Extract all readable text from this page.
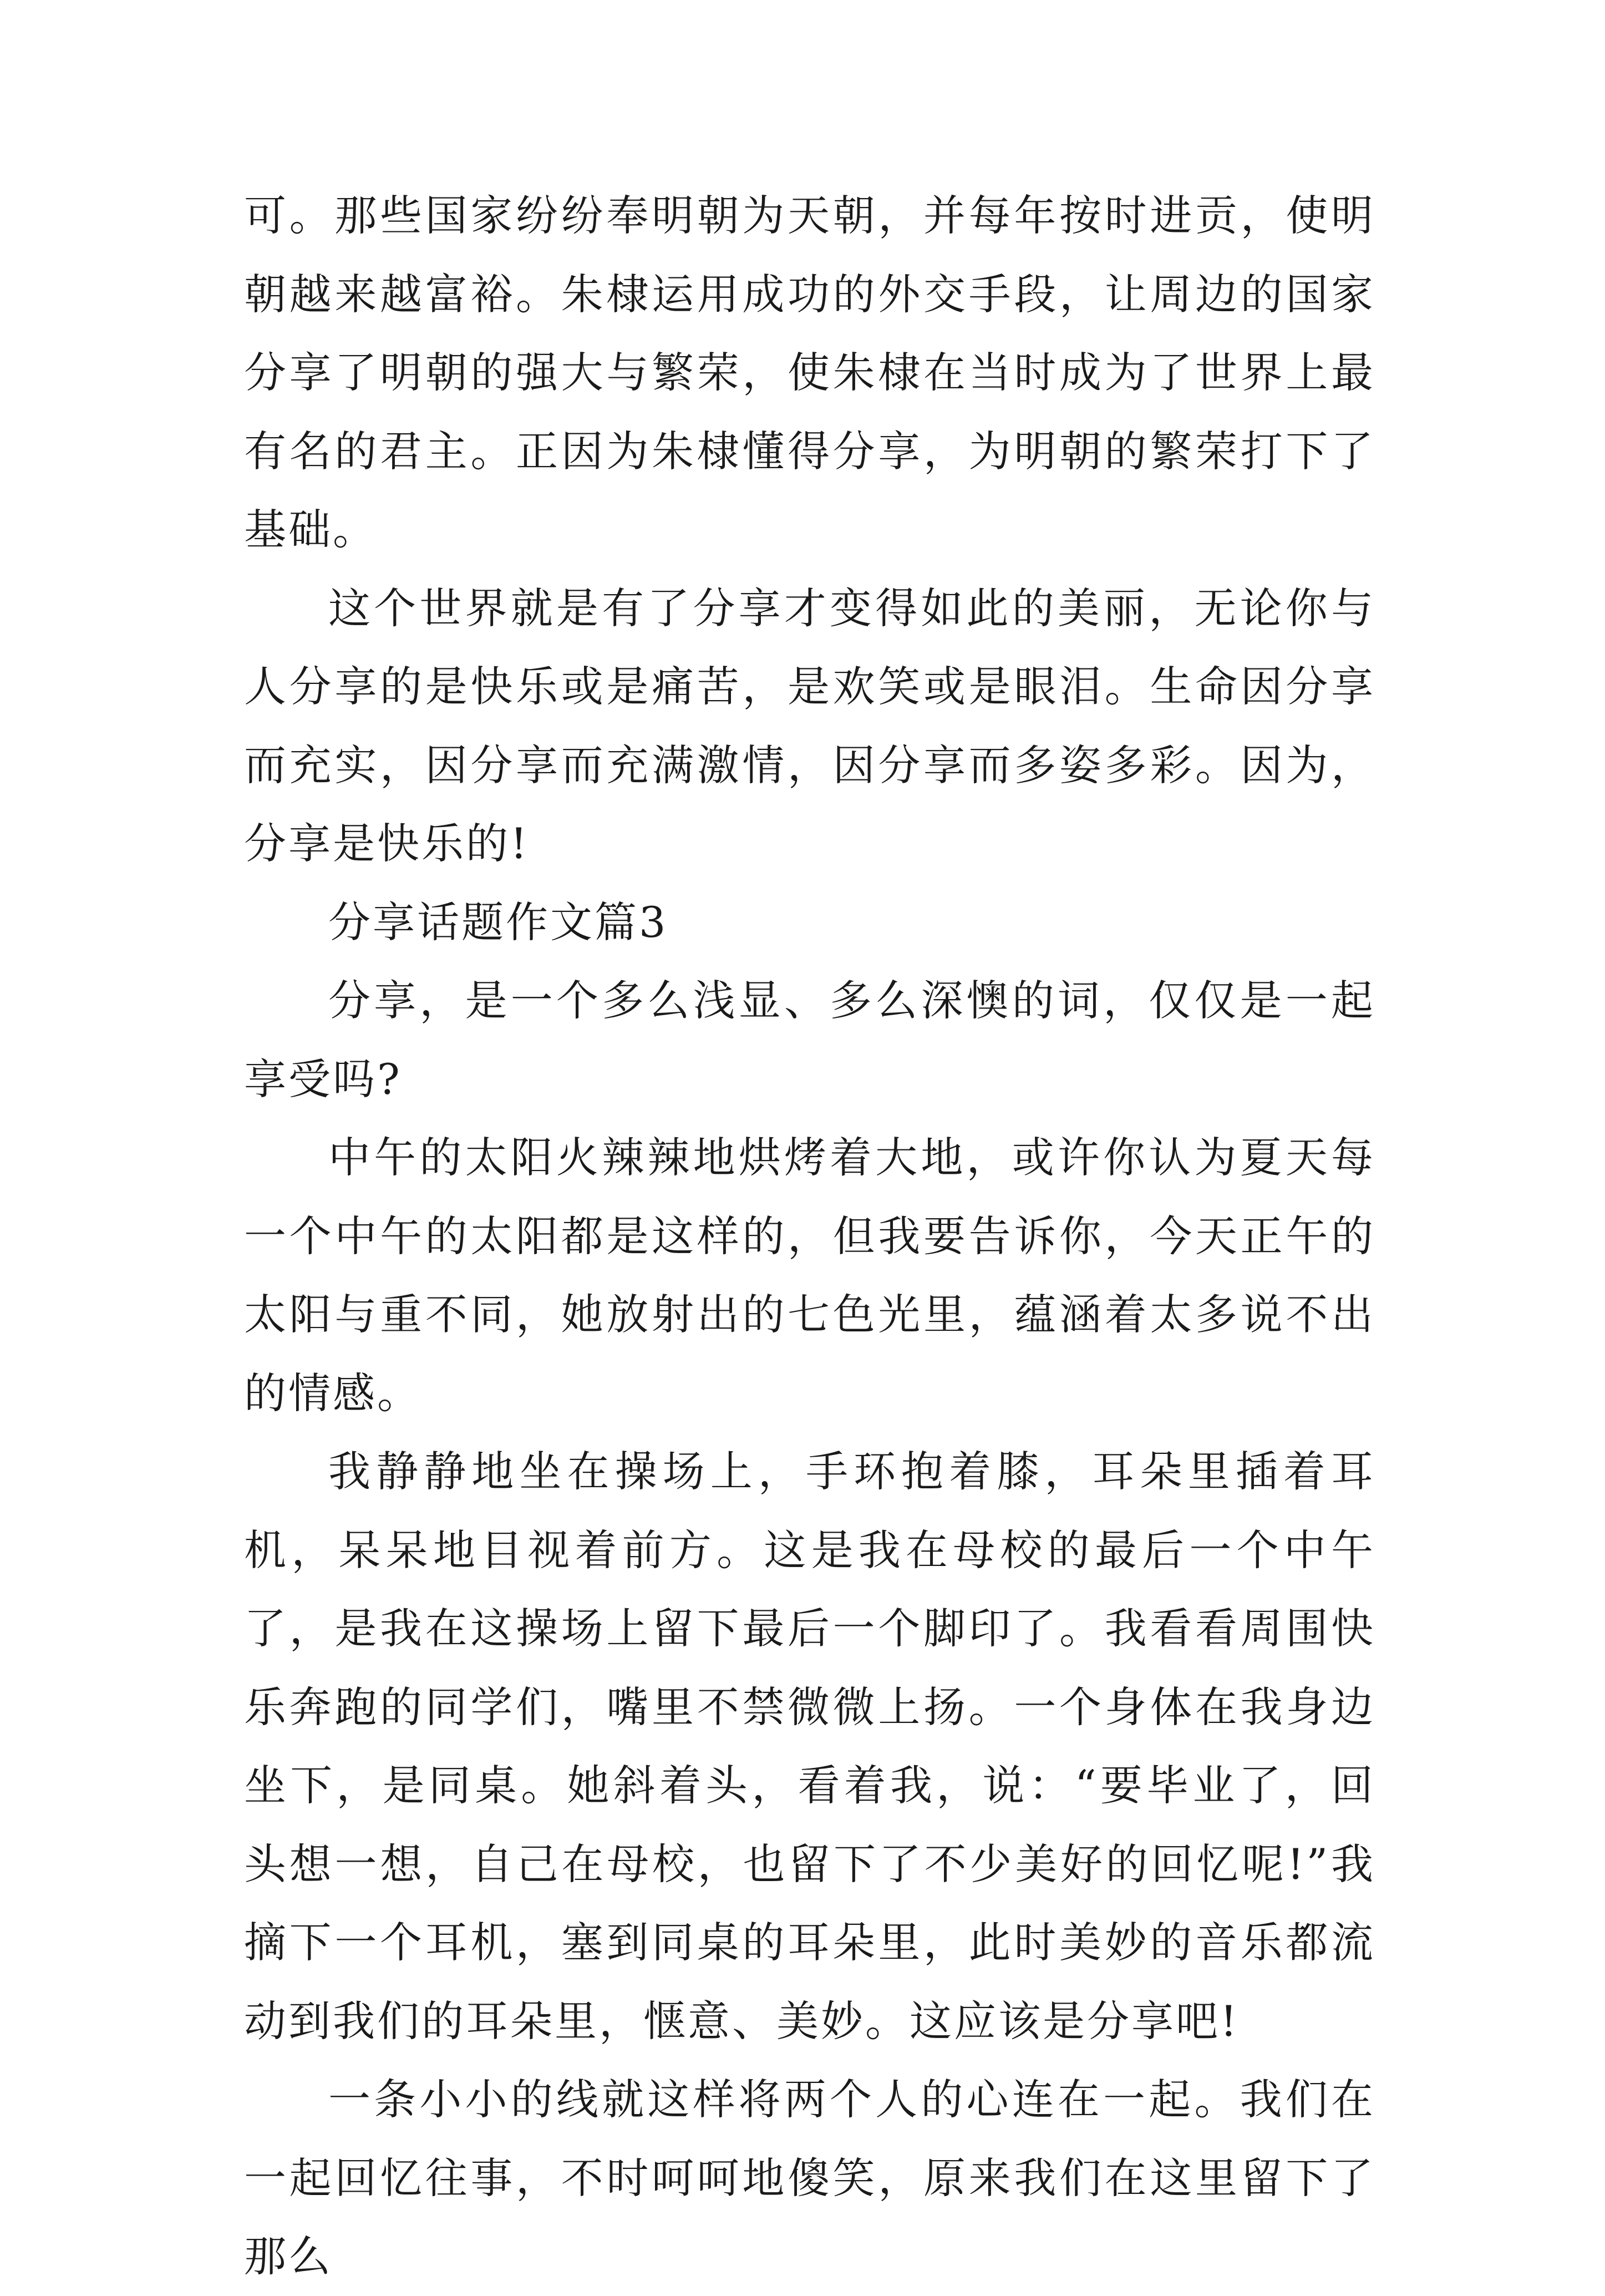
可。那些国家纷纷奉明朝为天朝，并每年按时进贡，使明朝越来越富裕。朱棣运用成功的外交手段，让周边的国家分享了明朝的强大与繁荣，使朱棣在当时成为了世界上最有名的君主。正因为朱棣懂得分享，为明朝的繁荣打下了基础。

这个世界就是有了分享才变得如此的美丽，无论你与人分享的是快乐或是痛苦，是欢笑或是眼泪。生命因分享而充实，因分享而充满激情，因分享而多姿多彩。因为，分享是快乐的!

分享话题作文篇3

分享，是一个多么浅显、多么深懊的词，仅仅是一起享受吗?

中午的太阳火辣辣地烘烤着大地，或许你认为夏天每一个中午的太阳都是这样的，但我要告诉你，今天正午的太阳与重不同，她放射出的七色光里，蕴涵着太多说不出的情感。

我静静地坐在操场上，手环抱着膝，耳朵里插着耳机，呆呆地目视着前方。这是我在母校的最后一个中午了，是我在这操场上留下最后一个脚印了。我看看周围快乐奔跑的同学们，嘴里不禁微微上扬。一个身体在我身边坐下，是同桌。她斜着头，看着我，说：“要毕业了，回头想一想，自己在母校，也留下了不少美好的回忆呢!”我摘下一个耳机，塞到同桌的耳朵里，此时美妙的音乐都流动到我们的耳朵里，惬意、美妙。这应该是分享吧!

一条小小的线就这样将两个人的心连在一起。我们在一起回忆往事，不时呵呵地傻笑，原来我们在这里留下了那么
